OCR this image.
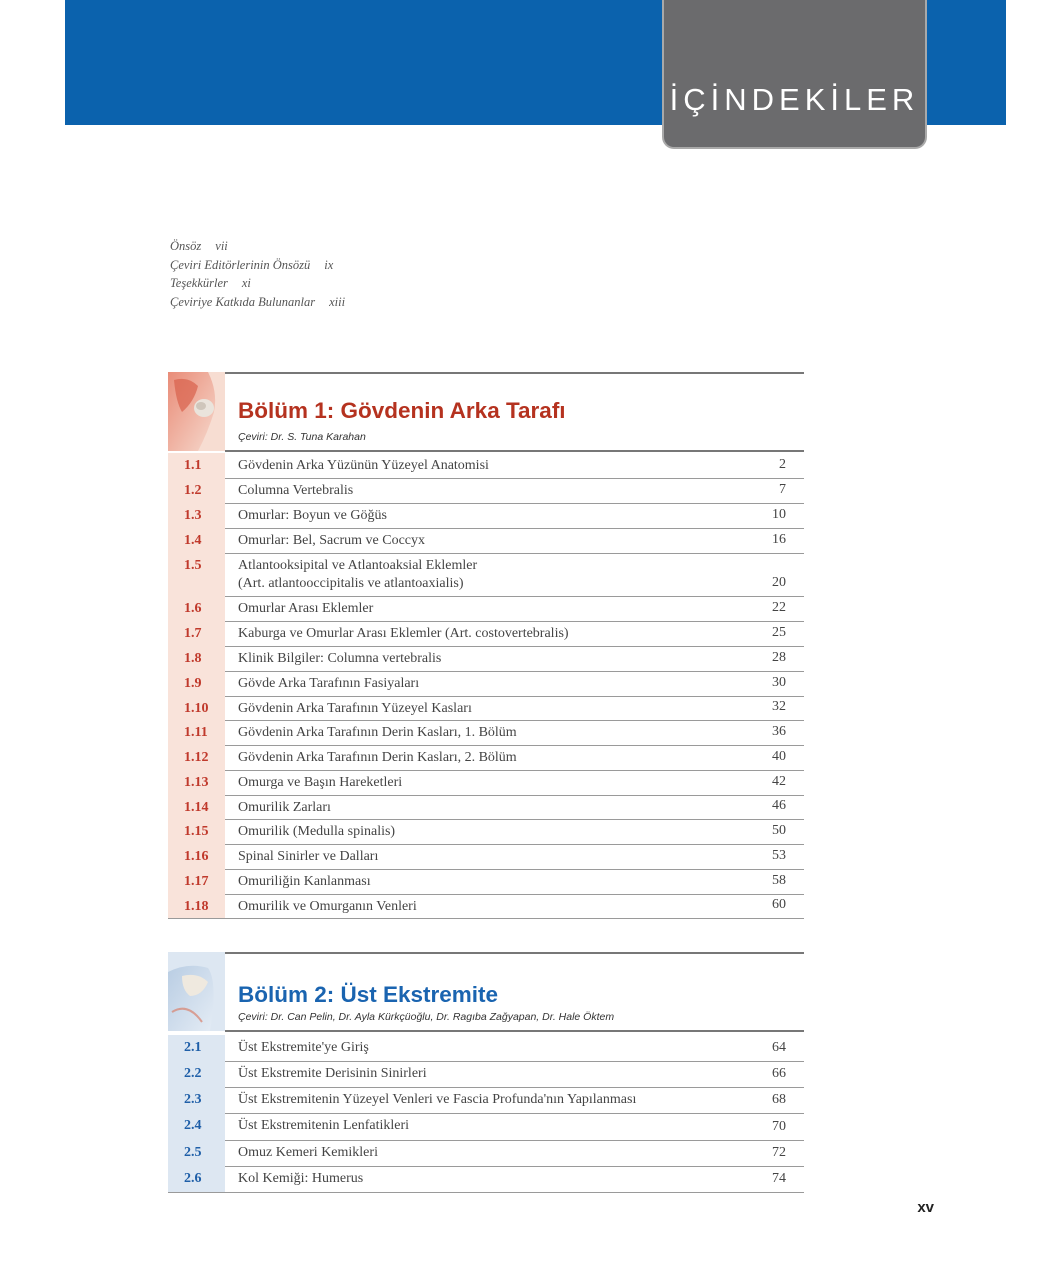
İÇİNDEKİLER
Önsöz vii
Çeviri Editörlerinin Önsözü ix
Teşekkürler xi
Çeviriye Katkıda Bulunanlar xiii
Bölüm 1: Gövdenin Arka Tarafı
Çeviri: Dr. S. Tuna Karahan
1.1	Gövdenin Arka Yüzünün Yüzeyel Anatomisi	2
1.2	Columna Vertebralis	7
1.3	Omurlar: Boyun ve Göğüs	10
1.4	Omurlar: Bel, Sacrum ve Coccyx	16
1.5	Atlantooksipital ve Atlantoaksial Eklemler
(Art. atlantooccipitalis ve atlantoaxialis)	20
1.6	Omurlar Arası Eklemler	22
1.7	Kaburga ve Omurlar Arası Eklemler (Art. costovertebralis)	25
1.8	Klinik Bilgiler: Columna vertebralis	28
1.9	Gövde Arka Tarafının Fasiyaları	30
1.10	Gövdenin Arka Tarafının Yüzeyel Kasları	32
1.11	Gövdenin Arka Tarafının Derin Kasları, 1. Bölüm	36
1.12	Gövdenin Arka Tarafının Derin Kasları, 2. Bölüm	40
1.13	Omurga ve Başın Hareketleri	42
1.14	Omurilik Zarları	46
1.15	Omurilik (Medulla spinalis)	50
1.16	Spinal Sinirler ve Dalları	53
1.17	Omuriliğin Kanlanması	58
1.18	Omurilik ve Omurganın Venleri	60
Bölüm 2: Üst Ekstremite
Çeviri: Dr. Can Pelin, Dr. Ayla Kürkçüoğlu, Dr. Ragıba Zağyapan, Dr. Hale Öktem
2.1	Üst Ekstremite'ye Giriş	64
2.2	Üst Ekstremite Derisinin Sinirleri	66
2.3	Üst Ekstremitenin Yüzeyel Venleri ve Fascia Profunda'nın Yapılanması	68
2.4	Üst Ekstremitenin Lenfatikleri	70
2.5	Omuz Kemeri Kemikleri	72
2.6	Kol Kemiği: Humerus	74
xv
